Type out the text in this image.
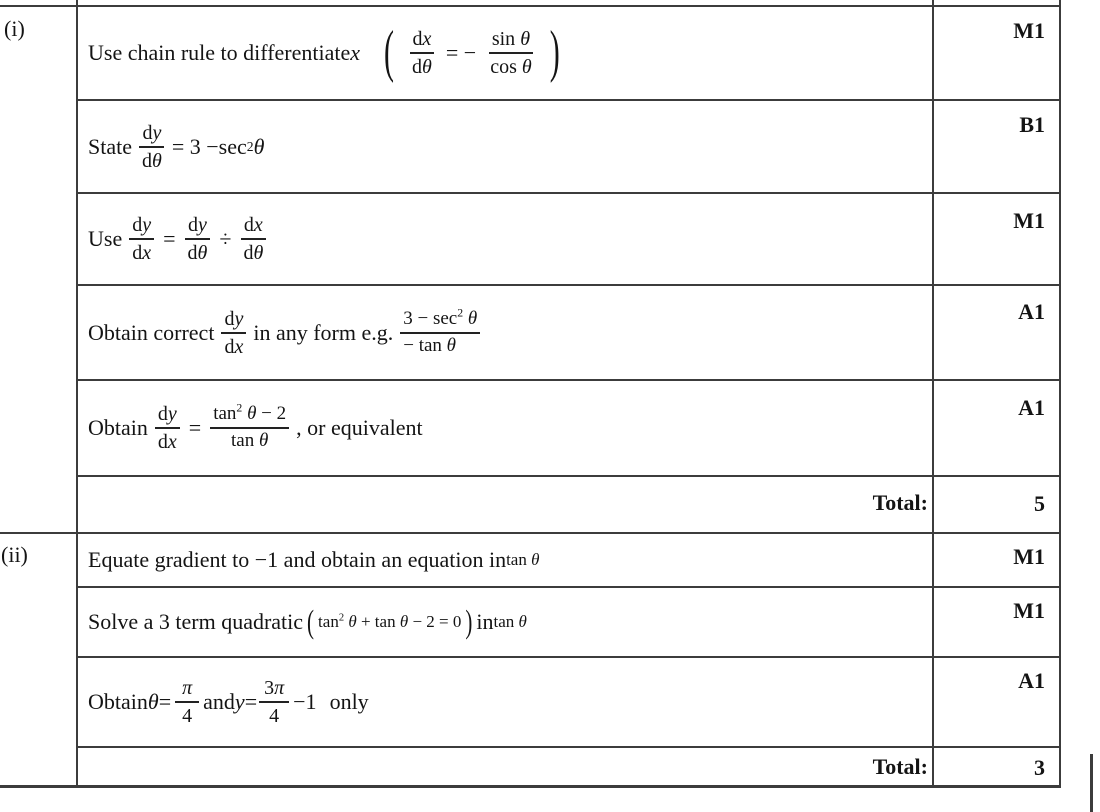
(i)
(ii)
Use chain rule to differentiate x ( $\frac{dx}{d\theta}$ = − $\frac{\text{sin θ}}{\text{cos θ}}$ )
State $\frac{dy}{d\theta} = 3 - \sec 2$ θ
Use $\frac{dy}{dx} = \frac{dy}{d\theta} \div \frac{dx}{d\theta}$
Obtain correct $\frac{dy}{dx}$ in any form e.g. $\frac{3 - \sec^2 \theta}{\text{− tan θ}}$
Obtain $\frac{dy}{dx} = \frac{\tan^2 \theta - 2}{\text{tan θ}}$ , or equivalent
Equate gradient to −1 and obtain an equation in tan θ
Solve a 3 term quadratic ( $\tan^2 \theta + \tan \theta - 2 = 0$ ) in tan θ
Obtain $\theta = \frac{\pi}{4}$ and $y = \frac{3\pi}{4} -1$ only
M1
B1
M1
A1
A1
M1
M1
A1
Total:	5
Total:	3
